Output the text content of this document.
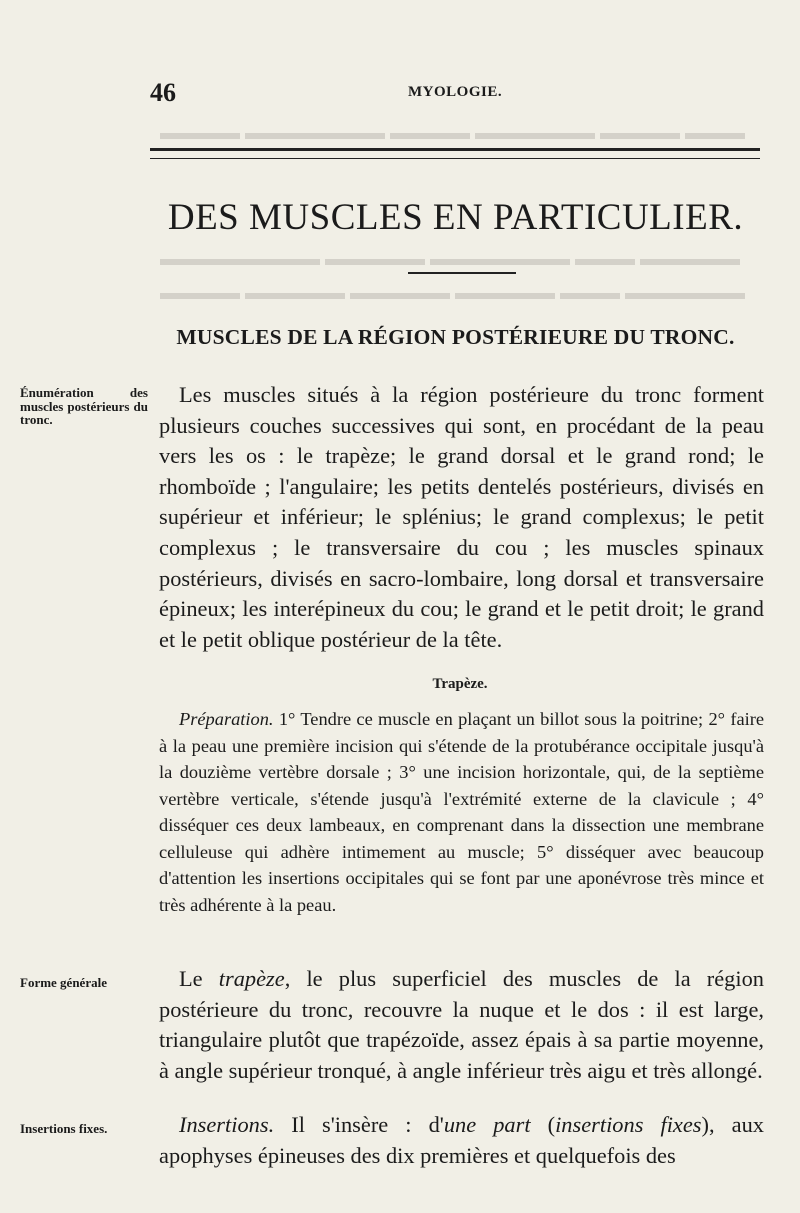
▬▬▬ ▬▬▬▬ ▬▬▬▬▬▬ ▬▬▬▬ ▬▬▬▬▬▬▬ ▬▬▬▬
▬▬▬▬▬ ▬▬▬ ▬▬▬▬▬▬▬ ▬▬▬▬▬ ▬▬▬▬▬▬▬▬
▬▬▬▬▬▬ ▬▬▬ ▬▬▬▬▬ ▬▬▬▬▬ ▬▬▬▬▬ ▬▬▬▬
46	MYOLOGIE.
DES MUSCLES EN PARTICULIER.
MUSCLES DE LA RÉGION POSTÉRIEURE DU TRONC.
Énumération des muscles postérieurs du tronc.

Les muscles situés à la région postérieure du tronc forment plusieurs couches successives qui sont, en procédant de la peau vers les os : le trapèze; le grand dorsal et le grand rond; le rhomboïde ; l'angulaire; les petits dentelés postérieurs, divisés en supérieur et inférieur; le splénius; le grand complexus; le petit complexus ; le transversaire du cou ; les muscles spinaux postérieurs, divisés en sacro-lombaire, long dorsal et transversaire épineux; les interépineux du cou; le grand et le petit droit; le grand et le petit oblique postérieur de la tête.

Trapèze.

Préparation. 1° Tendre ce muscle en plaçant un billot sous la poitrine; 2° faire à la peau une première incision qui s'étende de la protubérance occipitale jusqu'à la douzième vertèbre dorsale ; 3° une incision horizontale, qui, de la septième vertèbre verticale, s'étende jusqu'à l'extrémité externe de la clavicule ; 4° disséquer ces deux lambeaux, en comprenant dans la dissection une membrane celluleuse qui adhère intimement au muscle; 5° disséquer avec beaucoup d'attention les insertions occipitales qui se font par une aponévrose très mince et très adhérente à la peau.

Forme générale	Le trapèze, le plus superficiel des muscles de la région postérieure du tronc, recouvre la nuque et le dos : il est large, triangulaire plutôt que trapézoïde, assez épais à sa partie moyenne, à angle supérieur tronqué, à angle inférieur très aigu et très allongé.

Insertions fixes.	Insertions. Il s'insère : d'une part (insertions fixes), aux apophyses épineuses des dix premières et quelquefois des
